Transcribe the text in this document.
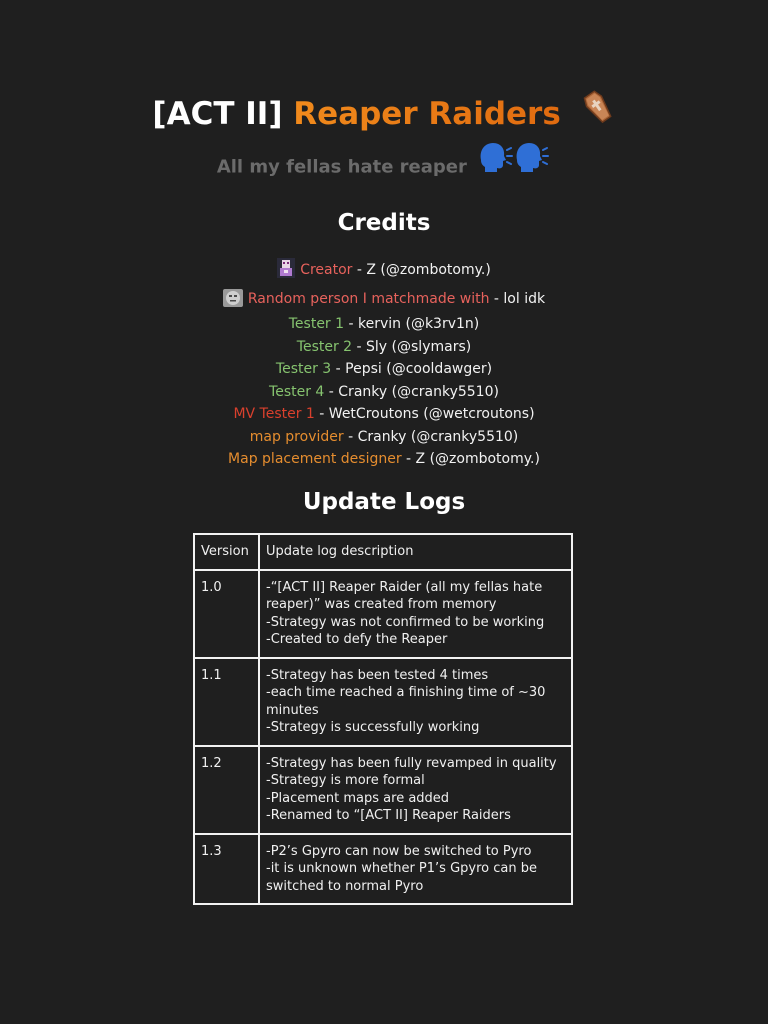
[ACT II] Reaper Raiders
All my fellas hate reaper
Credits
Creator - Z (@zombotomy.)
Random person I matchmade with - lol idk
Tester 1 - kervin (@k3rv1n)
Tester 2 - Sly (@slymars)
Tester 3 - Pepsi (@cooldawger)
Tester 4 - Cranky (@cranky5510)
MV Tester 1 - WetCroutons (@wetcroutons)
map provider - Cranky (@cranky5510)
Map placement designer - Z (@zombotomy.)
Update Logs
Version	Update log description
1.0	-“[ACT II] Reaper Raider (all my fellas hate reaper)” was created from memory
-Strategy was not confirmed to be working
-Created to defy the Reaper

1.1	-Strategy has been tested 4 times
-each time reached a finishing time of ~30 minutes
-Strategy is successfully working

1.2	-Strategy has been fully revamped in quality
-Strategy is more formal
-Placement maps are added
-Renamed to “[ACT II] Reaper Raiders

1.3	-P2’s Gpyro can now be switched to Pyro
-it is unknown whether P1’s Gpyro can be switched to normal Pyro
